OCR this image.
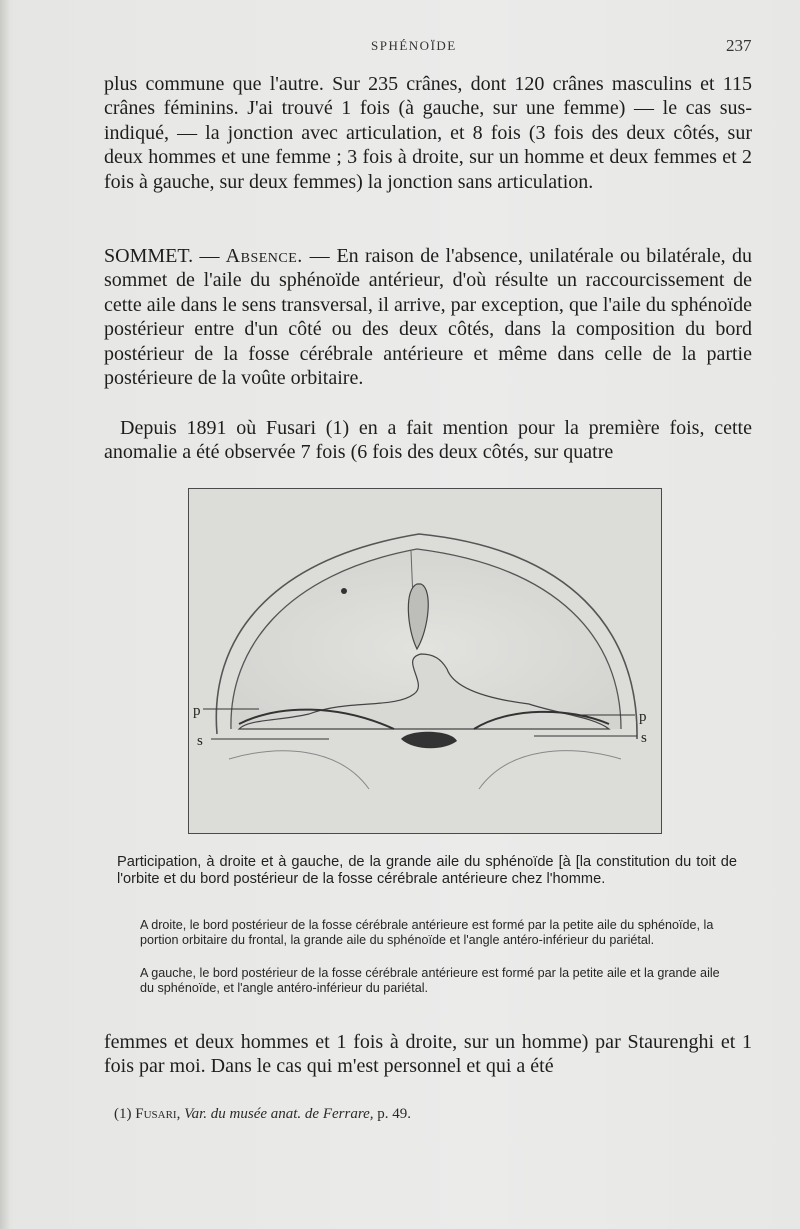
SPHÉNOÏDE	237

plus commune que l'autre. Sur 235 crânes, dont 120 crânes masculins et 115 crânes féminins. J'ai trouvé 1 fois (à gauche, sur une femme) — le cas sus-indiqué, — la jonction avec articulation, et 8 fois (3 fois des deux côtés, sur deux hommes et une femme ; 3 fois à droite, sur un homme et deux femmes et 2 fois à gauche, sur deux femmes) la jonction sans articulation.

SOMMET. — Absence. — En raison de l'absence, unilatérale ou bilatérale, du sommet de l'aile du sphénoïde antérieur, d'où résulte un raccourcissement de cette aile dans le sens transversal, il arrive, par exception, que l'aile du sphénoïde postérieur entre d'un côté ou des deux côtés, dans la composition du bord postérieur de la fosse cérébrale antérieure et même dans celle de la partie postérieure de la voûte orbitaire.

Depuis 1891 où Fusari (1) en a fait mention pour la première fois, cette anomalie a été observée 7 fois (6 fois des deux côtés, sur quatre

p
s
p
s

Participation, à droite et à gauche, de la grande aile du sphénoïde [à [la constitution du toit de l'orbite et du bord postérieur de la fosse cérébrale antérieure chez l'homme.

A droite, le bord postérieur de la fosse cérébrale antérieure est formé par la petite aile du sphénoïde, la portion orbitaire du frontal, la grande aile du sphénoïde et l'angle antéro-inférieur du pariétal.

A gauche, le bord postérieur de la fosse cérébrale antérieure est formé par la petite aile et la grande aile du sphénoïde, et l'angle antéro-inférieur du pariétal.

femmes et deux hommes et 1 fois à droite, sur un homme) par Staurenghi et 1 fois par moi. Dans le cas qui m'est personnel et qui a été

(1) Fusari, Var. du musée anat. de Ferrare, p. 49.
